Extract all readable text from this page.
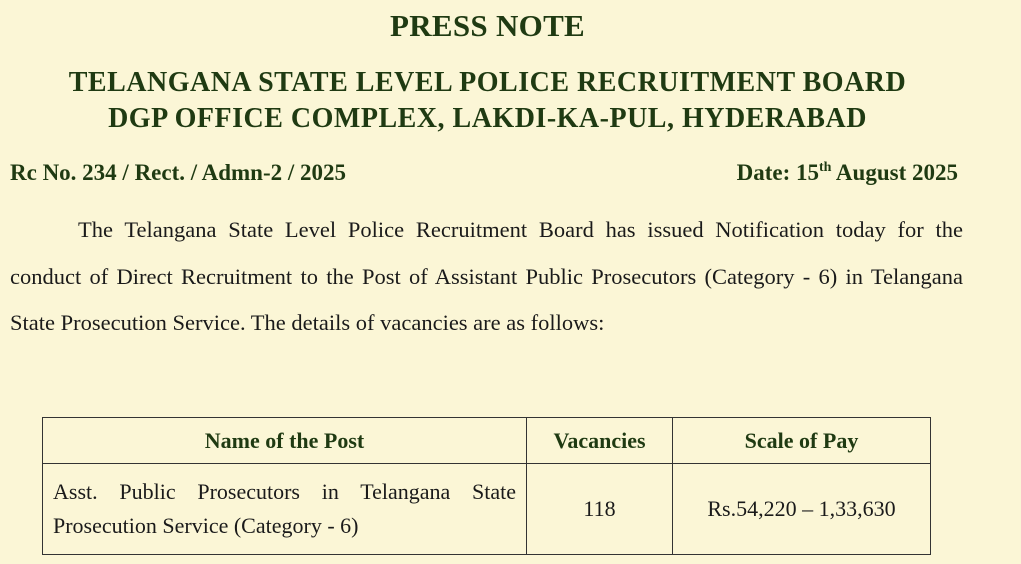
PRESS NOTE
TELANGANA STATE LEVEL POLICE RECRUITMENT BOARD
DGP OFFICE COMPLEX, LAKDI-KA-PUL, HYDERABAD
Rc No. 234 / Rect. / Admn-2 / 2025	Date: 15th August 2025
The Telangana State Level Police Recruitment Board has issued Notification today for the conduct of Direct Recruitment to the Post of Assistant Public Prosecutors (Category - 6) in Telangana State Prosecution Service. The details of vacancies are as follows:
Name of the Post	Vacancies	Scale of Pay
Asst. Public Prosecutors in Telangana State Prosecution Service (Category - 6)	118	Rs.54,220 – 1,33,630
